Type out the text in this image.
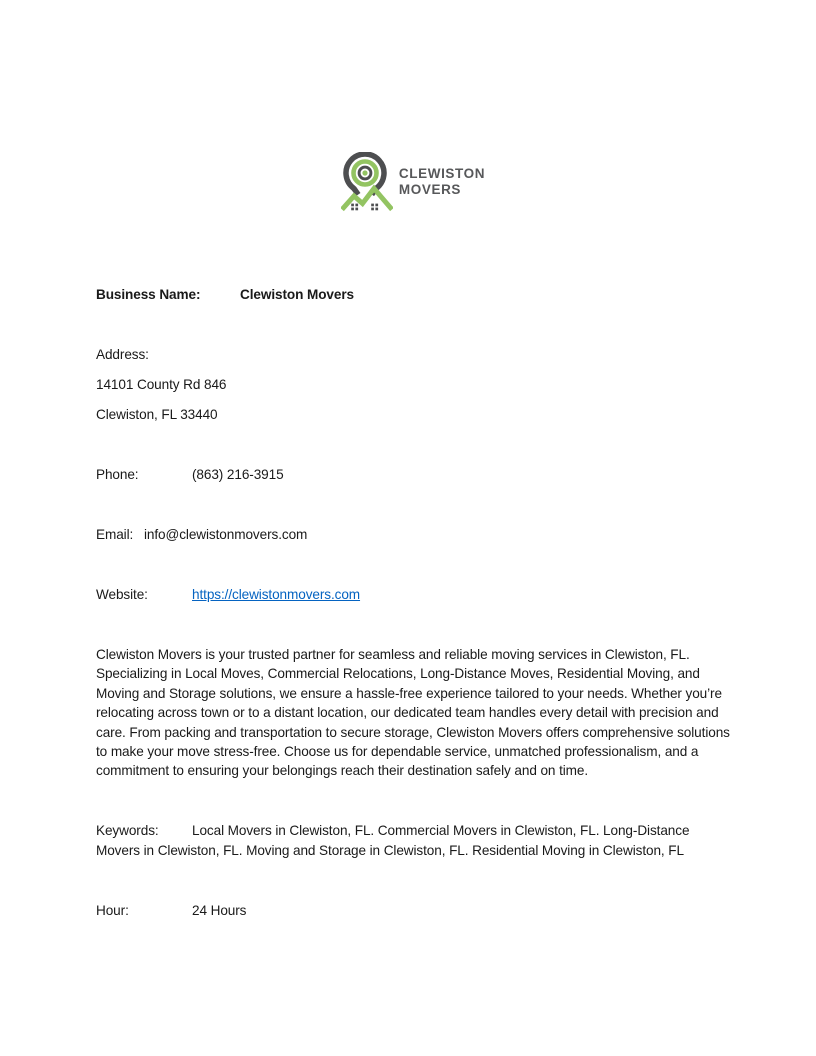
CLEWISTON
MOVERS

Business Name:	Clewiston Movers

Address:

14101 County Rd 846

Clewiston, FL 33440

Phone:	(863) 216-3915

Email: info@clewistonmovers.com

Website:	https://clewistonmovers.com

Clewiston Movers is your trusted partner for seamless and reliable moving services in Clewiston, FL. Specializing in Local Moves, Commercial Relocations, Long-Distance Moves, Residential Moving, and Moving and Storage solutions, we ensure a hassle-free experience tailored to your needs. Whether you’re relocating across town or to a distant location, our dedicated team handles every detail with precision and care. From packing and transportation to secure storage, Clewiston Movers offers comprehensive solutions to make your move stress-free. Choose us for dependable service, unmatched professionalism, and a commitment to ensuring your belongings reach their destination safely and on time.

Keywords: Local Movers in Clewiston, FL. Commercial Movers in Clewiston, FL. Long-Distance Movers in Clewiston, FL. Moving and Storage in Clewiston, FL. Residential Moving in Clewiston, FL

Hour:	24 Hours
